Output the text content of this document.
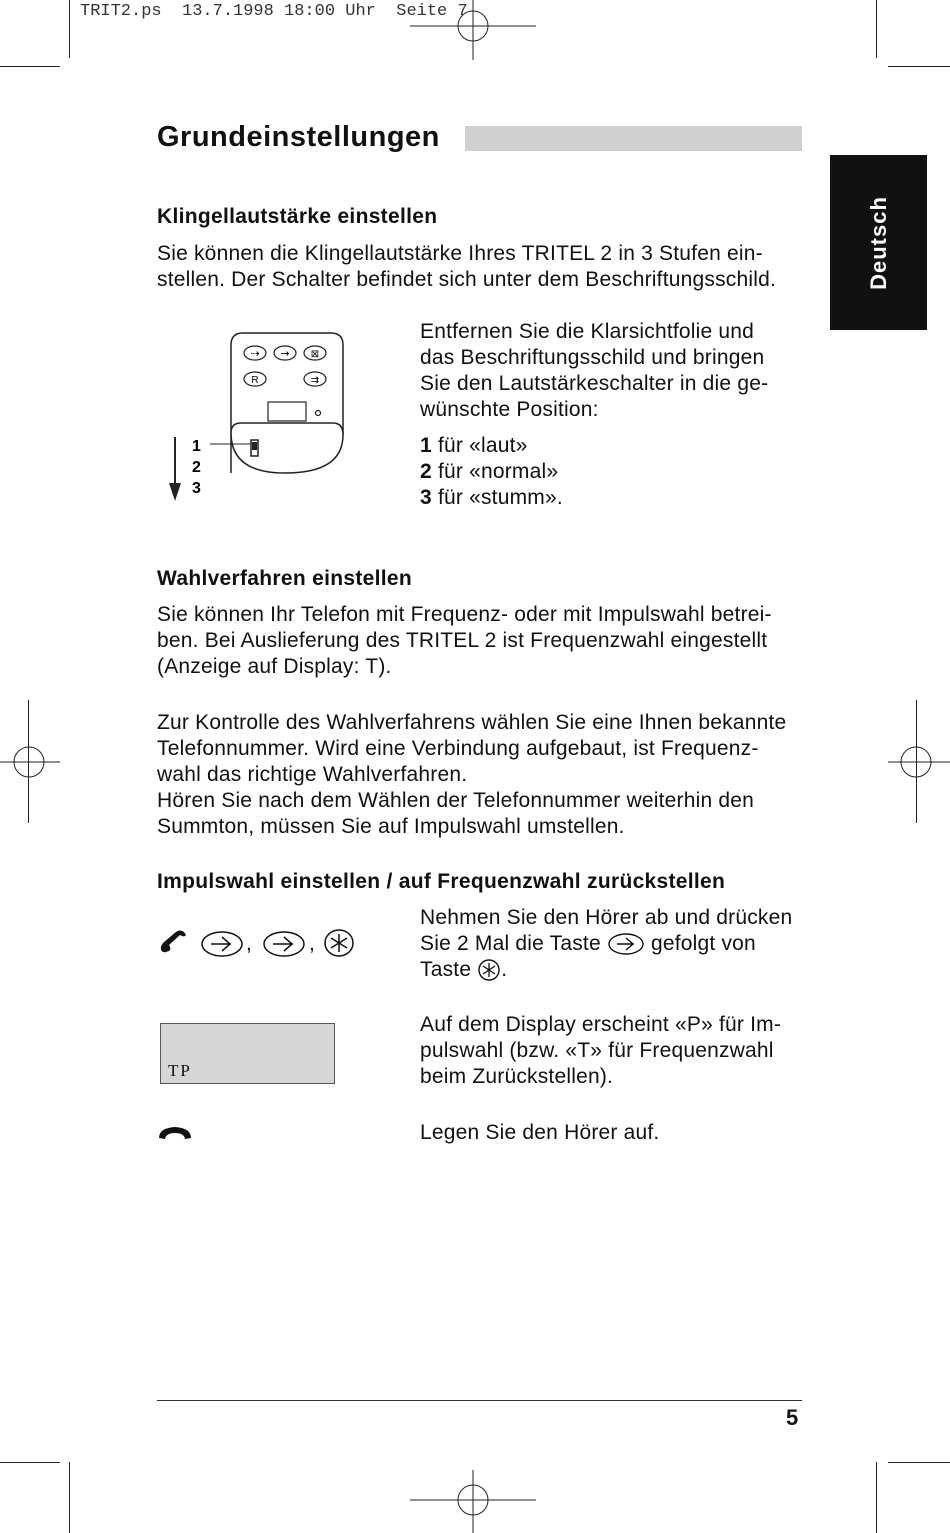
TRIT2.ps  13.7.1998 18:00 Uhr  Seite 7
Grundeinstellungen
Deutsch
Klingellautstärke einstellen

Sie können die Klingellautstärke Ihres TRITEL 2 in 3 Stufen ein-
stellen. Der Schalter befindet sich unter dem Beschriftungsschild.

⇢ → ⊠
R	⇉
1
2
3

Entfernen Sie die Klarsichtfolie und
das Beschriftungsschild und bringen
Sie den Lautstärkeschalter in die ge-
wünschte Position:

1 für «laut»
2 für «normal»
3 für «stumm».

Wahlverfahren einstellen

Sie können Ihr Telefon mit Frequenz- oder mit Impulswahl betrei-
ben. Bei Auslieferung des TRITEL 2 ist Frequenzwahl eingestellt
(Anzeige auf Display: T).

Zur Kontrolle des Wahlverfahrens wählen Sie eine Ihnen bekannte
Telefonnummer. Wird eine Verbindung aufgebaut, ist Frequenz-
wahl das richtige Wahlverfahren.
Hören Sie nach dem Wählen der Telefonnummer weiterhin den
Summton, müssen Sie auf Impulswahl umstellen.

Impulswahl einstellen / auf Frequenzwahl zurückstellen
,	,

Nehmen Sie den Hörer ab und drücken
Sie 2 Mal die Taste gefolgt von
Taste .

TP

Auf dem Display erscheint «P» für Im-
pulswahl (bzw. «T» für Frequenzwahl
beim Zurückstellen).

Legen Sie den Hörer auf.

5
